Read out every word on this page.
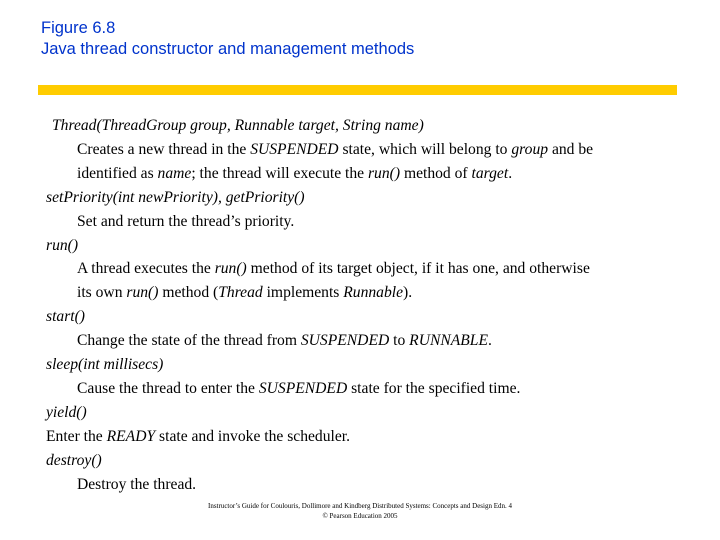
Figure 6.8
Java thread constructor and management methods
Thread(ThreadGroup group, Runnable target, String name)
Creates a new thread in the SUSPENDED state, which will belong to group and be
identified as name; the thread will execute the run() method of target.
setPriority(int newPriority), getPriority()
Set and return the thread’s priority.
run()
A thread executes the run() method of its target object, if it has one, and otherwise
its own run() method (Thread implements Runnable).
start()
Change the state of the thread from SUSPENDED to RUNNABLE.
sleep(int millisecs)
Cause the thread to enter the SUSPENDED state for the specified time.
yield()
Enter the READY state and invoke the scheduler.
destroy()
Destroy the thread.
Instructor’s Guide for Coulouris, Dollimore and Kindberg Distributed Systems: Concepts and Design Edn. 4
© Pearson Education 2005
